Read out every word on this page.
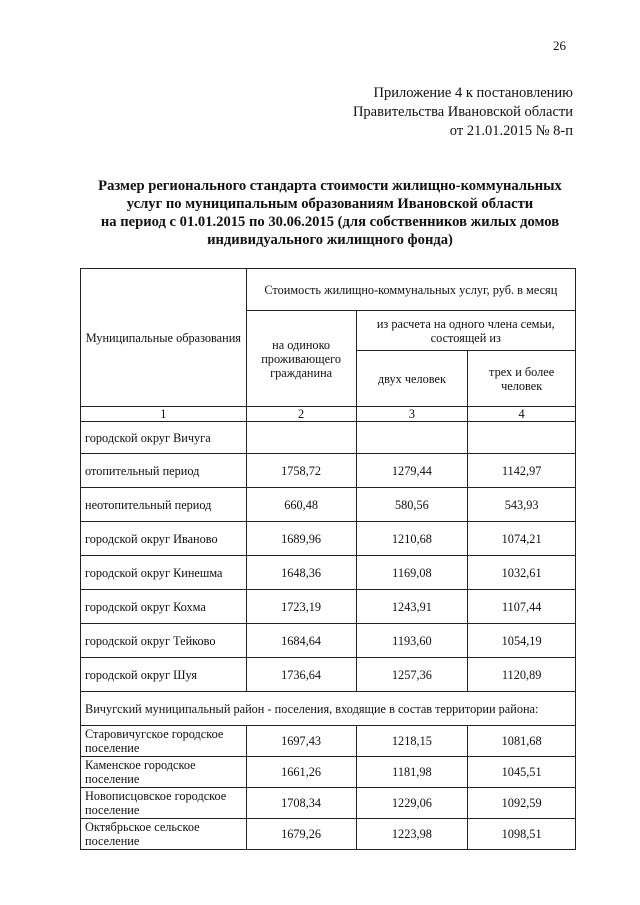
26
Приложение 4 к постановлению
Правительства Ивановской области
от 21.01.2015 № 8-п
Размер регионального стандарта стоимости жилищно-коммунальных
услуг по муниципальным образованиям Ивановской области
на период с 01.01.2015 по 30.06.2015 (для собственников жилых домов
индивидуального жилищного фонда)
Муниципальные образования	Стоимость жилищно-коммунальных услуг, руб. в месяц		
	на одиноко проживающего гражданина	из расчета на одного члена семьи, состоящей из	
		двух человек	трех и более человек
1	2	3	4
городской округ Вичуга			
отопительный период	1758,72	1279,44	1142,97
неотопительный период	660,48	580,56	543,93
городской округ Иваново	1689,96	1210,68	1074,21
городской округ Кинешма	1648,36	1169,08	1032,61
городской округ Кохма	1723,19	1243,91	1107,44
городской округ Тейково	1684,64	1193,60	1054,19
городской округ Шуя	1736,64	1257,36	1120,89
Вичугский муниципальный район - поселения, входящие в состав территории района:			

Старовичугское городское
поселение	1697,43	1218,15	1081,68

Каменское городское
поселение	1661,26	1181,98	1045,51

Новописцовское городское
поселение	1708,34	1229,06	1092,59

Октябрьское сельское
поселение	1679,26	1223,98	1098,51
